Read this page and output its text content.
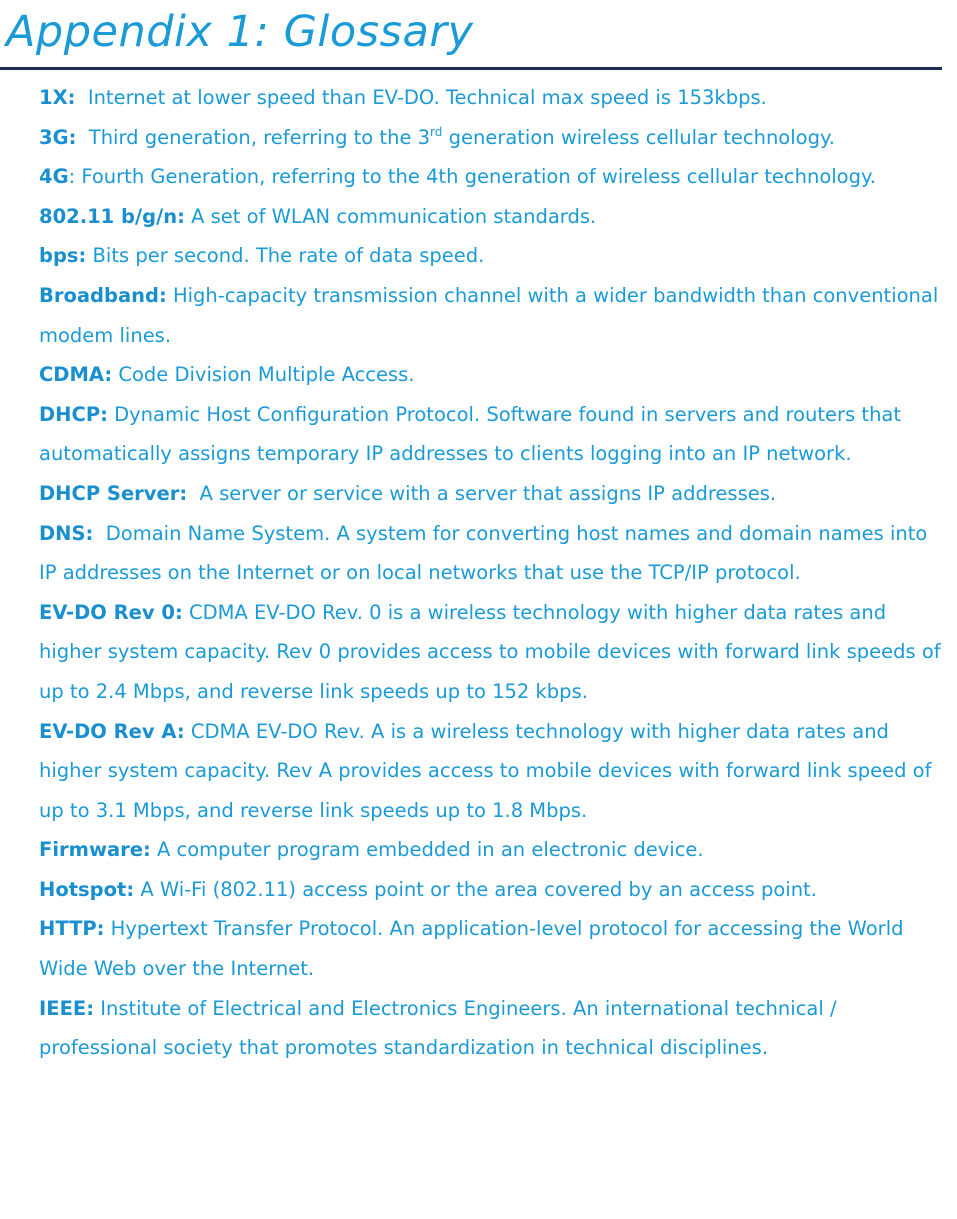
Appendix 1: Glossary
1X: Internet at lower speed than EV-DO. Technical max speed is 153kbps.
3G: Third generation, referring to the 3rd generation wireless cellular technology.
4G: Fourth Generation, referring to the 4th generation of wireless cellular technology.
802.11 b/g/n: A set of WLAN communication standards.
bps: Bits per second. The rate of data speed.
Broadband: High-capacity transmission channel with a wider bandwidth than conventional modem lines.
CDMA: Code Division Multiple Access.
DHCP: Dynamic Host Configuration Protocol. Software found in servers and routers that
automatically assigns temporary IP addresses to clients logging into an IP network.
DHCP Server: A server or service with a server that assigns IP addresses.
DNS: Domain Name System. A system for converting host names and domain names into IP addresses on the Internet or on local networks that use the TCP/IP protocol.
EV-DO Rev 0: CDMA EV-DO Rev. 0 is a wireless technology with higher data rates and higher system capacity. Rev 0 provides access to mobile devices with forward link speeds of up to 2.4 Mbps, and reverse link speeds up to 152 kbps.
EV-DO Rev A: CDMA EV-DO Rev. A is a wireless technology with higher data rates and higher system capacity. Rev A provides access to mobile devices with forward link speed of up to 3.1 Mbps, and reverse link speeds up to 1.8 Mbps.
Firmware: A computer program embedded in an electronic device.
Hotspot: A Wi-Fi (802.11) access point or the area covered by an access point.
HTTP: Hypertext Transfer Protocol. An application-level protocol for accessing the World Wide Web over the Internet.
IEEE: Institute of Electrical and Electronics Engineers. An international technical / professional society that promotes standardization in technical disciplines.
